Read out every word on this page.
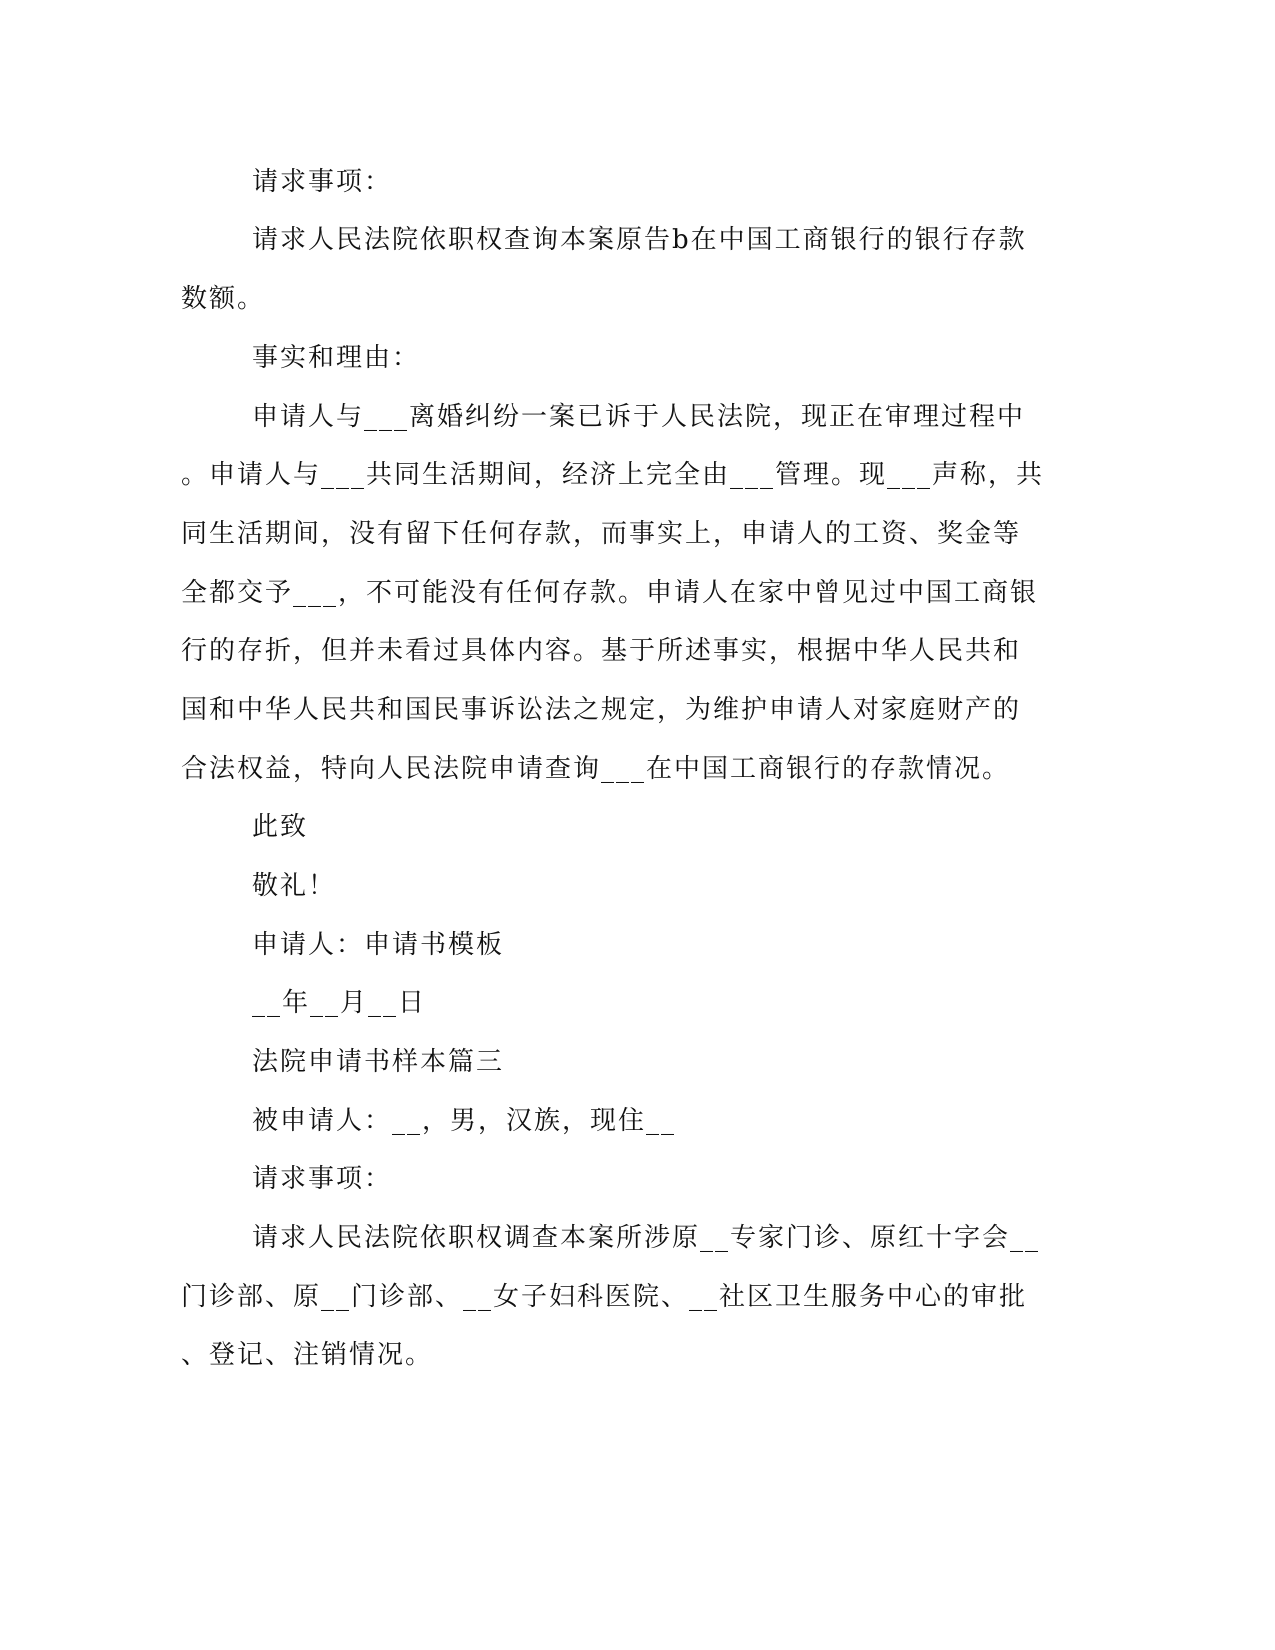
请求事项：
请求人民法院依职权查询本案原告b在中国工商银行的银行存款
数额。
事实和理由：
申请人与___离婚纠纷一案已诉于人民法院，现正在审理过程中
。申请人与___共同生活期间，经济上完全由___管理。现___声称，共
同生活期间，没有留下任何存款，而事实上，申请人的工资、奖金等
全都交予___，不可能没有任何存款。申请人在家中曾见过中国工商银
行的存折，但并未看过具体内容。基于所述事实，根据中华人民共和
国和中华人民共和国民事诉讼法之规定，为维护申请人对家庭财产的
合法权益，特向人民法院申请查询___在中国工商银行的存款情况。
此致
敬礼！
申请人：申请书模板
__年__月__日
法院申请书样本篇三
被申请人：__，男，汉族，现住__
请求事项：
请求人民法院依职权调查本案所涉原__专家门诊、原红十字会__
门诊部、原__门诊部、__女子妇科医院、__社区卫生服务中心的审批
、登记、注销情况。
